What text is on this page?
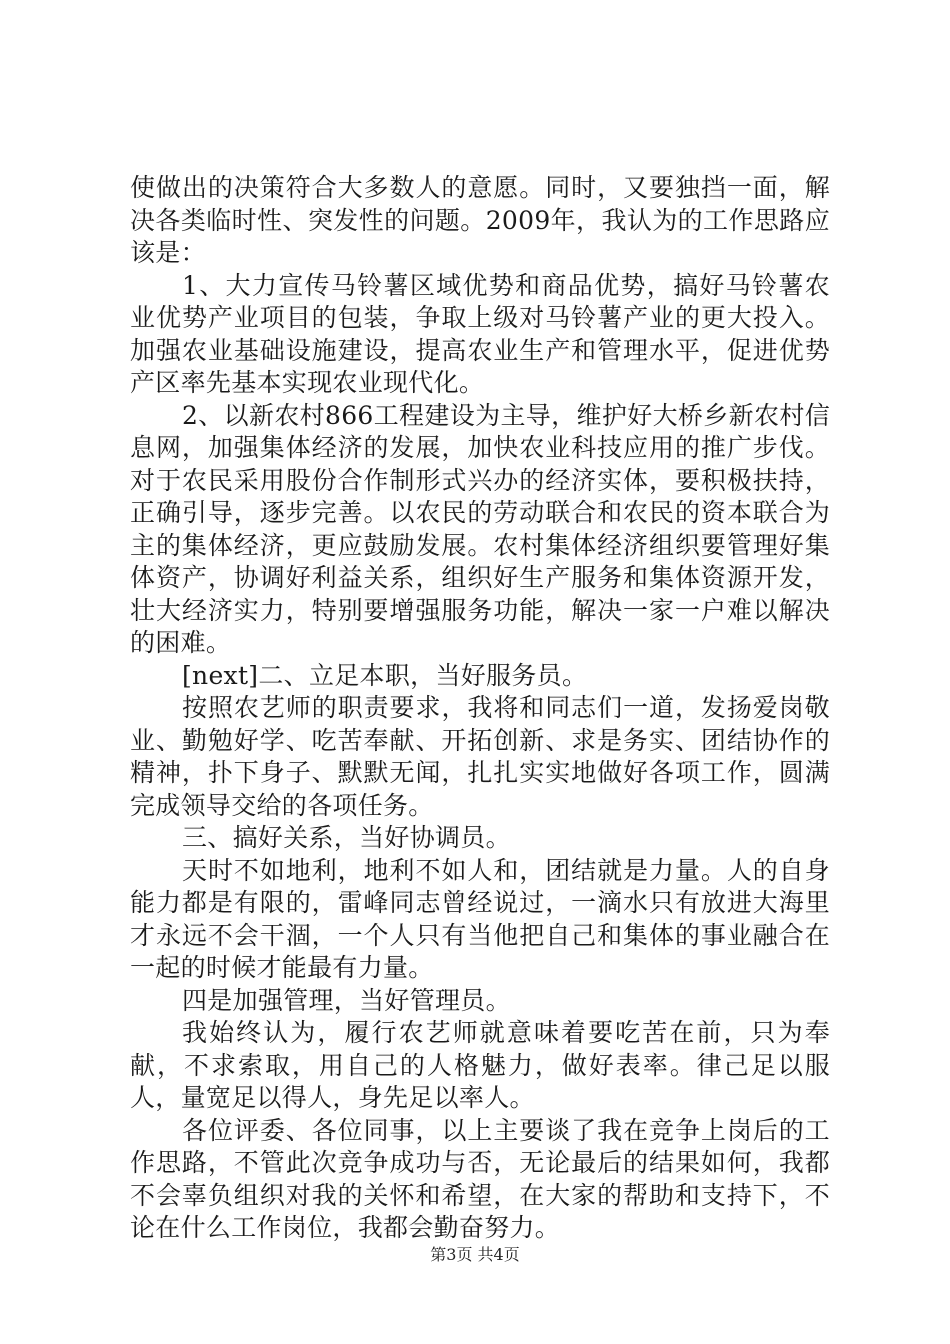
使做出的决策符合大多数人的意愿。同时，又要独挡一面，解决各类临时性、突发性的问题。2009年，我认为的工作思路应该是：

1、大力宣传马铃薯区域优势和商品优势，搞好马铃薯农业优势产业项目的包装，争取上级对马铃薯产业的更大投入。加强农业基础设施建设，提高农业生产和管理水平，促进优势产区率先基本实现农业现代化。

2、以新农村866工程建设为主导，维护好大桥乡新农村信息网，加强集体经济的发展，加快农业科技应用的推广步伐。对于农民采用股份合作制形式兴办的经济实体，要积极扶持，正确引导，逐步完善。以农民的劳动联合和农民的资本联合为主的集体经济，更应鼓励发展。农村集体经济组织要管理好集体资产，协调好利益关系，组织好生产服务和集体资源开发，壮大经济实力，特别要增强服务功能，解决一家一户难以解决的困难。

[next]二、立足本职，当好服务员。

按照农艺师的职责要求，我将和同志们一道，发扬爱岗敬业、勤勉好学、吃苦奉献、开拓创新、求是务实、团结协作的精神，扑下身子、默默无闻，扎扎实实地做好各项工作，圆满完成领导交给的各项任务。

三、搞好关系，当好协调员。

天时不如地利，地利不如人和，团结就是力量。人的自身能力都是有限的，雷峰同志曾经说过，一滴水只有放进大海里才永远不会干涸，一个人只有当他把自己和集体的事业融合在一起的时候才能最有力量。

四是加强管理，当好管理员。

我始终认为，履行农艺师就意味着要吃苦在前，只为奉献，不求索取，用自己的人格魅力，做好表率。律己足以服人，量宽足以得人，身先足以率人。

各位评委、各位同事，以上主要谈了我在竞争上岗后的工作思路，不管此次竞争成功与否，无论最后的结果如何，我都不会辜负组织对我的关怀和希望，在大家的帮助和支持下，不论在什么工作岗位，我都会勤奋努力。

第3页 共4页
